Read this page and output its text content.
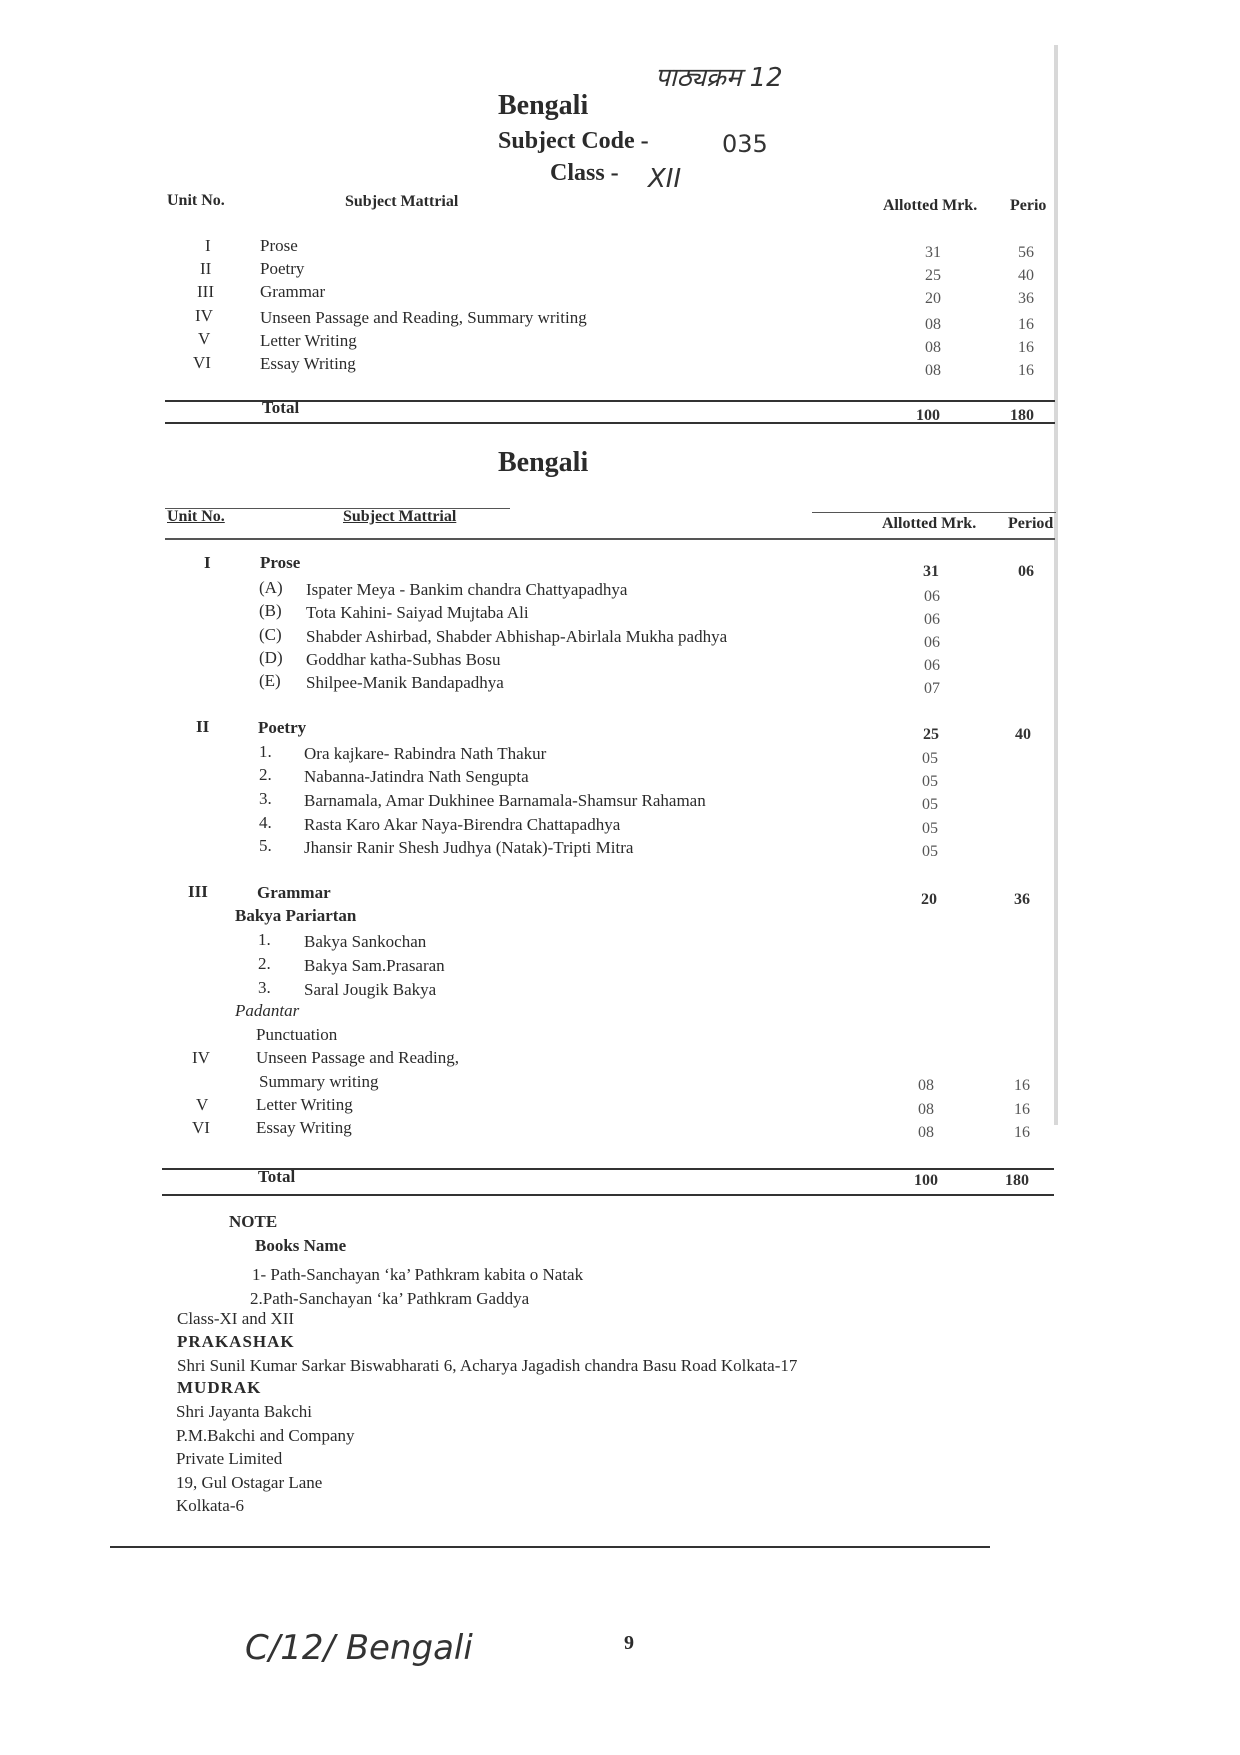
पाठ्यक्रम 12
Bengali
Subject Code -	035
Class - XII
Unit No.	Subject Mattrial	Allotted Mrk. Perio
I	Prose	31	56
II	Poetry	25	40
III	Grammar	20	36
IV	Unseen Passage and Reading, Summary writing	08	16
V	Letter Writing	08	16
VI	Essay Writing	08	16
Total	100	180
Bengali
Unit No.	Subject Mattrial	Allotted Mrk. Period
I	Prose	31	06
(A) Ispater Meya - Bankim chandra Chattyapadhya	06
(B) Tota Kahini- Saiyad Mujtaba Ali	06
(C) Shabder Ashirbad, Shabder Abhishap-Abirlala Mukha padhya	06
(D) Goddhar katha-Subhas Bosu	06
(E) Shilpee-Manik Bandapadhya	07
II	Poetry	25	40
1. Ora kajkare- Rabindra Nath Thakur	05
2. Nabanna-Jatindra Nath Sengupta	05
3. Barnamala, Amar Dukhinee Barnamala-Shamsur Rahaman	05
4. Rasta Karo Akar Naya-Birendra Chattapadhya	05
5. Jhansir Ranir Shesh Judhya (Natak)-Tripti Mitra	05
III	Grammar	20	36
Bakya Pariartan
1. Bakya Sankochan
2. Bakya Sam.Prasaran
3. Saral Jougik Bakya
Padantar
Punctuation
IV	Unseen Passage and Reading,
Summary writing	08	16
V	Letter Writing	08	16
VI	Essay Writing	08	16
Total	100	180
NOTE
Books Name
1- Path-Sanchayan ‘ka’ Pathkram kabita o Natak
2.Path-Sanchayan ‘ka’ Pathkram Gaddya
Class-XI and XII
PRAKASHAK
Shri Sunil Kumar Sarkar Biswabharati 6, Acharya Jagadish chandra Basu Road Kolkata-17
MUDRAK
Shri Jayanta Bakchi
P.M.Bakchi and Company
Private Limited
19, Gul Ostagar Lane
Kolkata-6
C/12/ Bengali	9
